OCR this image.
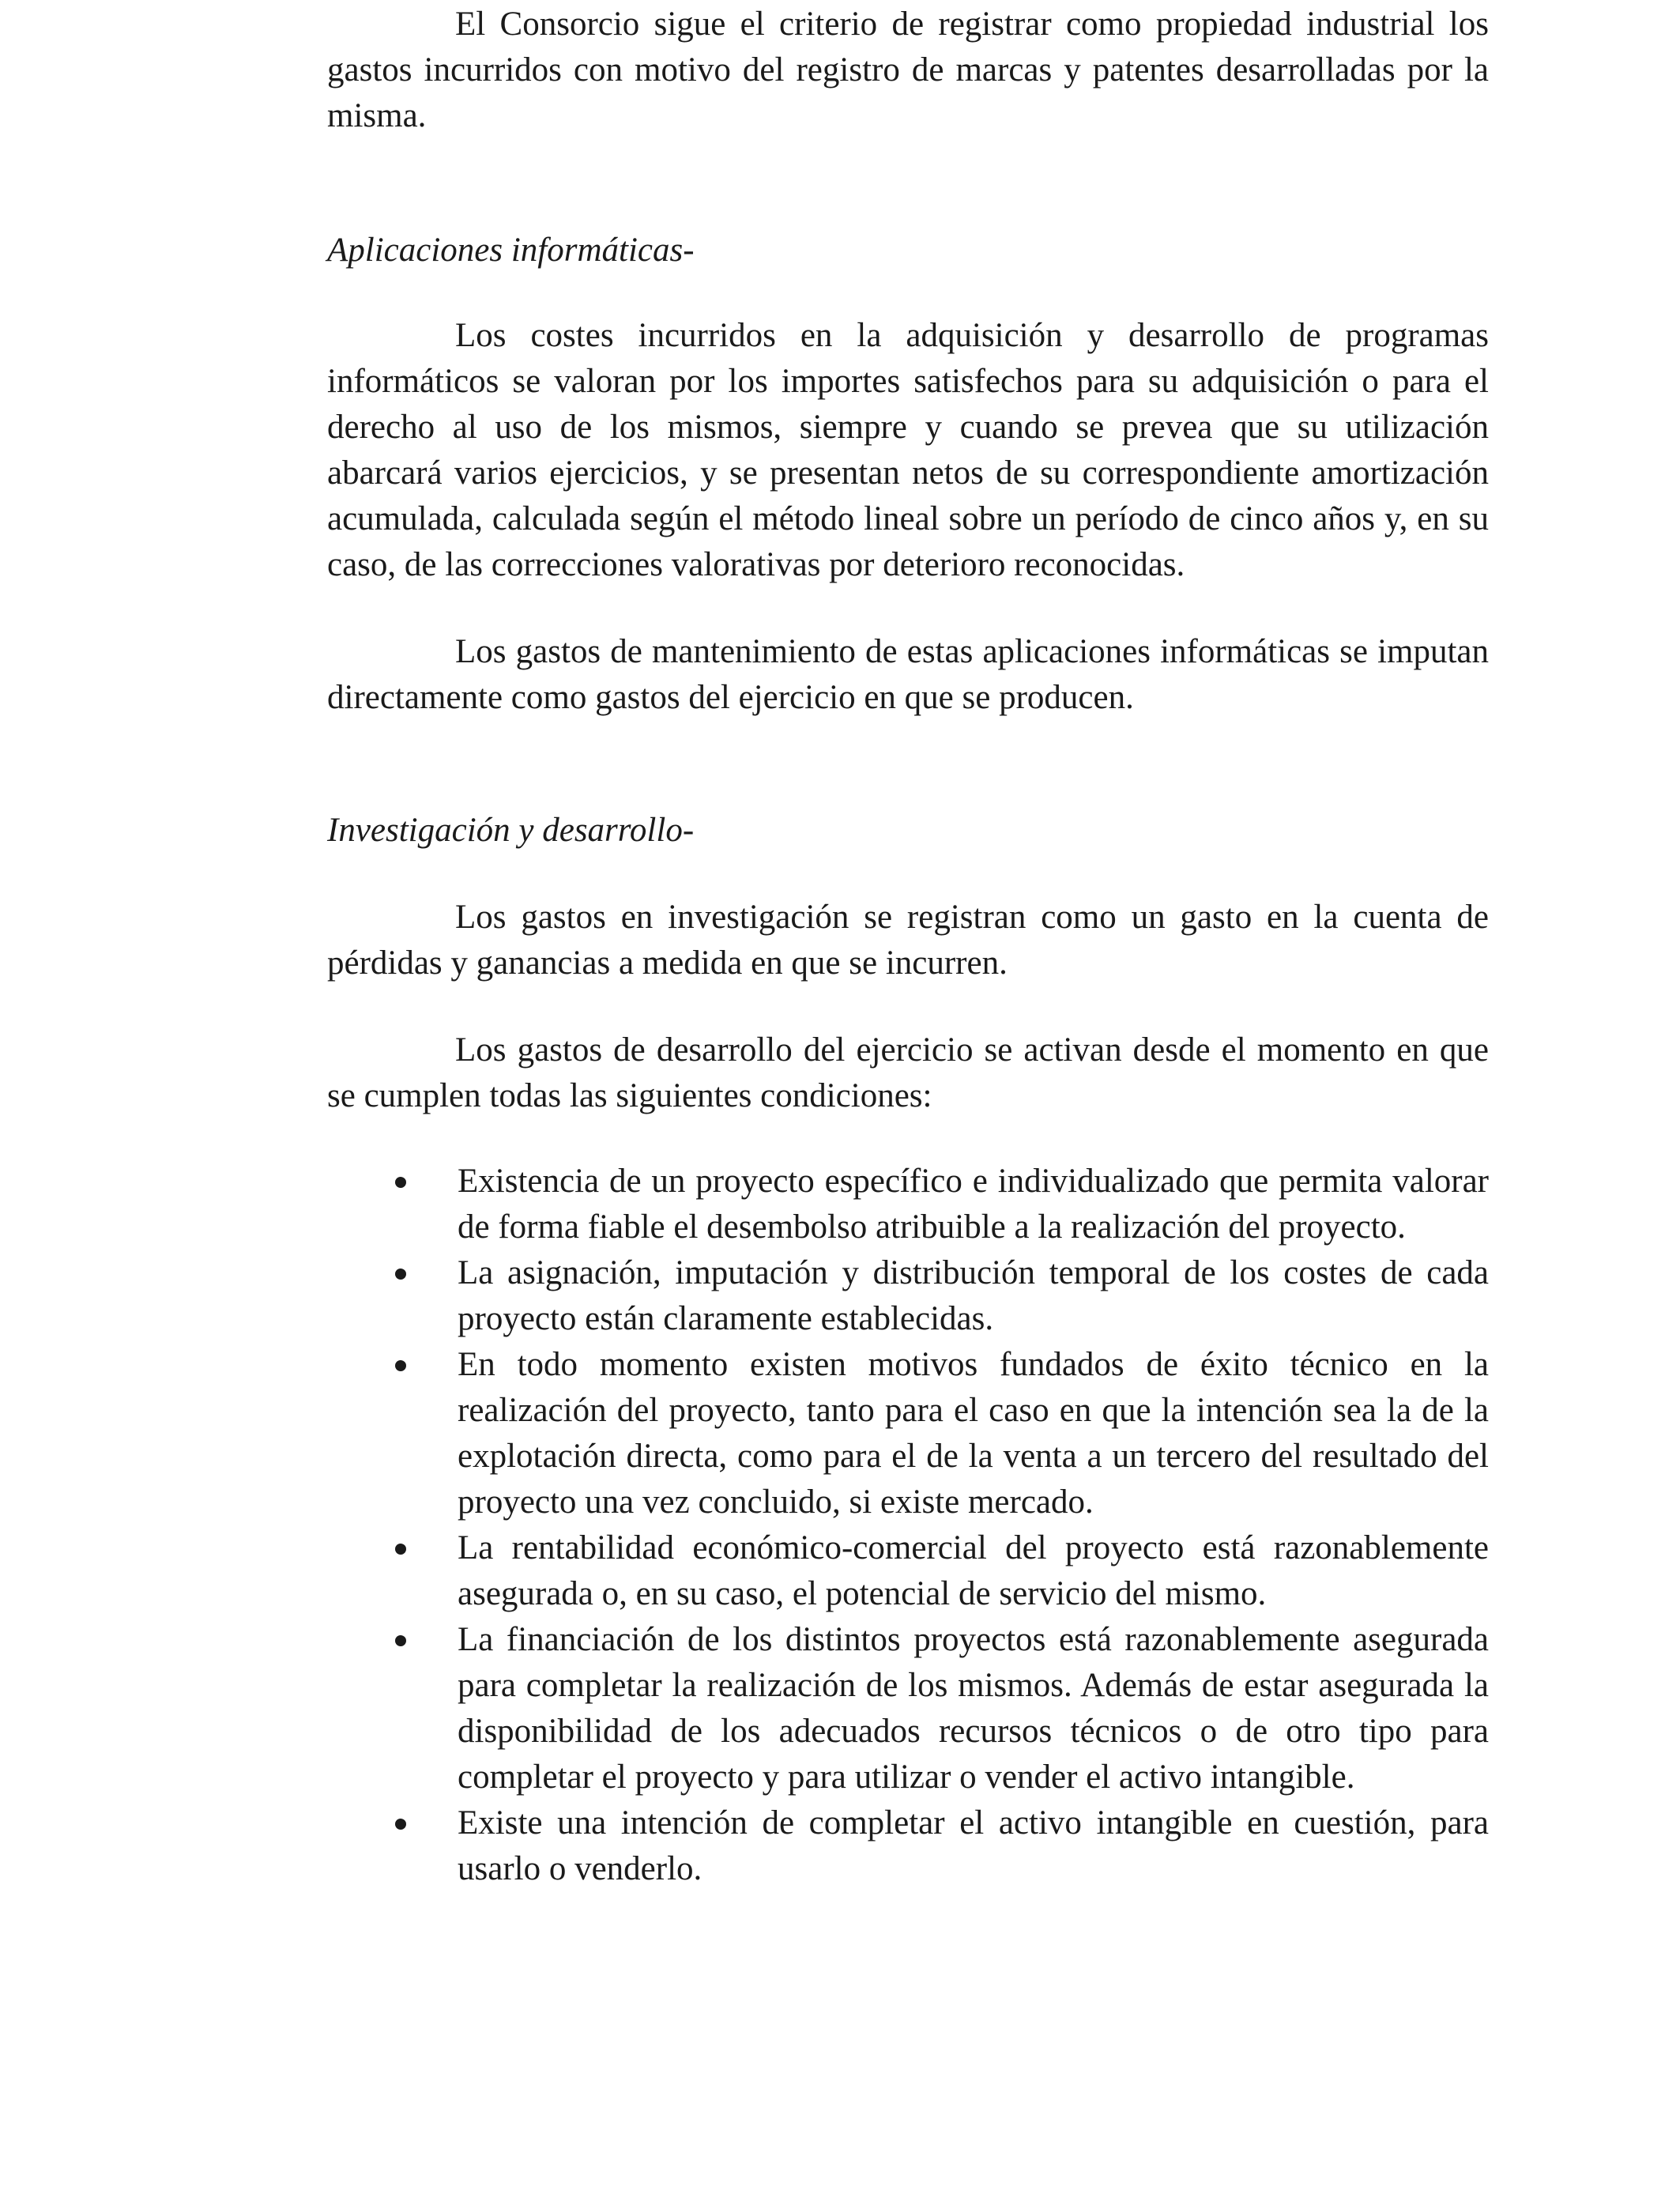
El Consorcio sigue el criterio de registrar como propiedad industrial los gastos incurridos con motivo del registro de marcas y patentes desarrolladas por la misma.

Aplicaciones informáticas-

Los costes incurridos en la adquisición y desarrollo de programas informáticos se valoran por los importes satisfechos para su adquisición o para el derecho al uso de los mismos, siempre y cuando se prevea que su utilización abarcará varios ejercicios, y se presentan netos de su correspondiente amortización acumulada, calculada según el método lineal sobre un período de cinco años y, en su caso, de las correcciones valorativas por deterioro reconocidas.

Los gastos de mantenimiento de estas aplicaciones informáticas se imputan directamente como gastos del ejercicio en que se producen.

Investigación y desarrollo-

Los gastos en investigación se registran como un gasto en la cuenta de pérdidas y ganancias a medida en que se incurren.

Los gastos de desarrollo del ejercicio se activan desde el momento en que se cumplen todas las siguientes condiciones:

Existencia de un proyecto específico e individualizado que permita valorar de forma fiable el desembolso atribuible a la realización del proyecto.
La asignación, imputación y distribución temporal de los costes de cada proyecto están claramente establecidas.
En todo momento existen motivos fundados de éxito técnico en la realización del proyecto, tanto para el caso en que la intención sea la de la explotación directa, como para el de la venta a un tercero del resultado del proyecto una vez concluido, si existe mercado.
La rentabilidad económico-comercial del proyecto está razonablemente asegurada o, en su caso, el potencial de servicio del mismo.
La financiación de los distintos proyectos está razonablemente asegurada para completar la realización de los mismos. Además de estar asegurada la disponibilidad de los adecuados recursos técnicos o de otro tipo para completar el proyecto y para utilizar o vender el activo intangible.
Existe una intención de completar el activo intangible en cuestión, para usarlo o venderlo.
